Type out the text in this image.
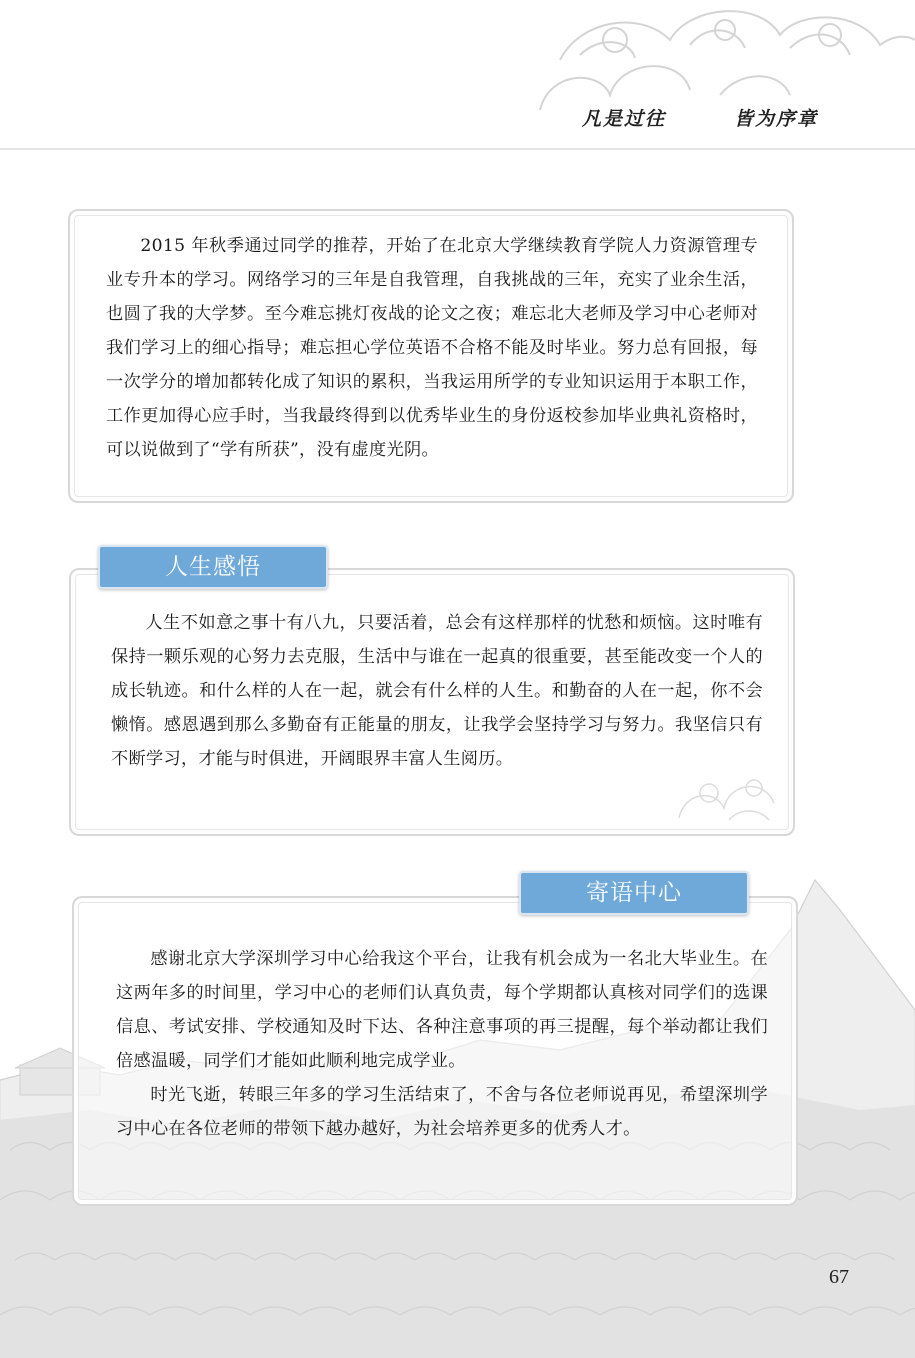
凡是过往	皆为序章

2015 年秋季通过同学的推荐，开始了在北京大学继续教育学院人力资源管理专业专升本的学习。网络学习的三年是自我管理，自我挑战的三年，充实了业余生活，也圆了我的大学梦。至今难忘挑灯夜战的论文之夜；难忘北大老师及学习中心老师对我们学习上的细心指导；难忘担心学位英语不合格不能及时毕业。努力总有回报，每一次学分的增加都转化成了知识的累积，当我运用所学的专业知识运用于本职工作，工作更加得心应手时，当我最终得到以优秀毕业生的身份返校参加毕业典礼资格时，可以说做到了“学有所获”，没有虚度光阴。

人生不如意之事十有八九，只要活着，总会有这样那样的忧愁和烦恼。这时唯有保持一颗乐观的心努力去克服，生活中与谁在一起真的很重要，甚至能改变一个人的成长轨迹。和什么样的人在一起，就会有什么样的人生。和勤奋的人在一起，你不会懒惰。感恩遇到那么多勤奋有正能量的朋友，让我学会坚持学习与努力。我坚信只有不断学习，才能与时俱进，开阔眼界丰富人生阅历。

人生感悟

感谢北京大学深圳学习中心给我这个平台，让我有机会成为一名北大毕业生。在这两年多的时间里，学习中心的老师们认真负责，每个学期都认真核对同学们的选课信息、考试安排、学校通知及时下达、各种注意事项的再三提醒，每个举动都让我们倍感温暖，同学们才能如此顺利地完成学业。

时光飞逝，转眼三年多的学习生活结束了，不舍与各位老师说再见，希望深圳学习中心在各位老师的带领下越办越好，为社会培养更多的优秀人才。

寄语中心
67
